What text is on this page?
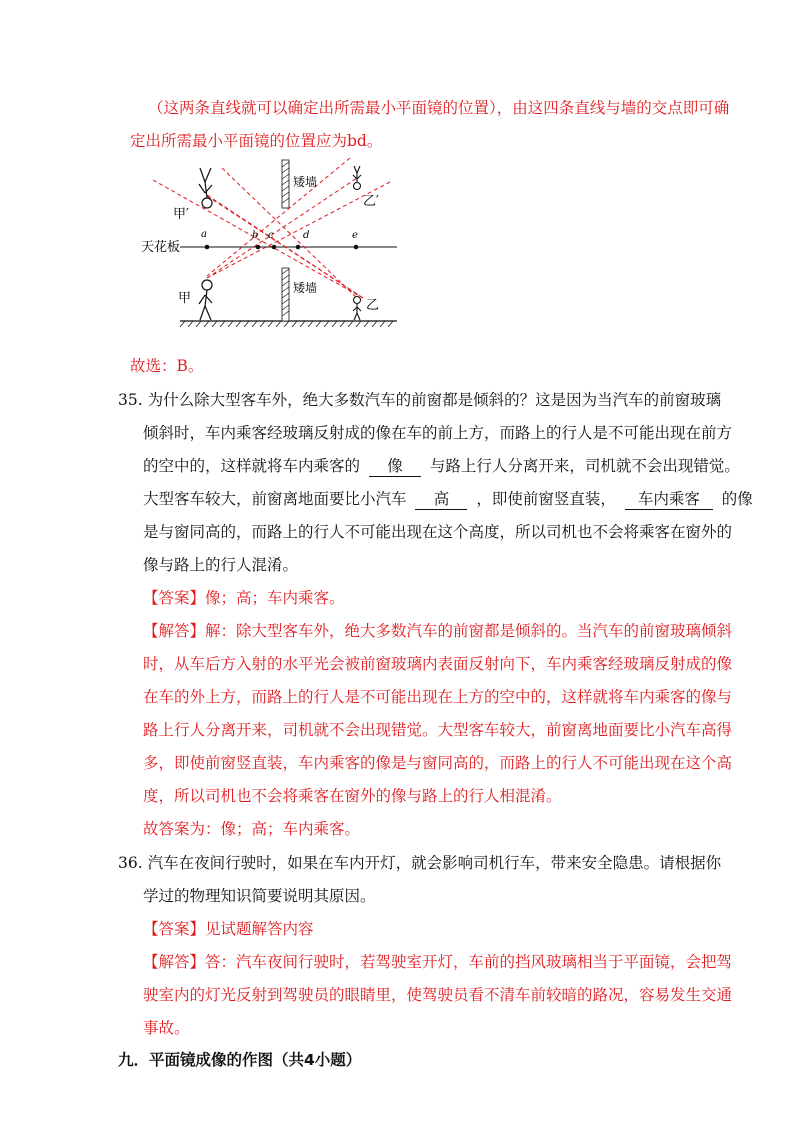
（这两条直线就可以确定出所需最小平面镜的位置），由这四条直线与墙的交点即可确
定出所需最小平面镜的位置应为bd。
a	b c	d	e
天花板
甲
甲′
乙
乙′
矮墙
矮墙
故选：B。
35. 为什么除大型客车外，绝大多数汽车的前窗都是倾斜的？这是因为当汽车的前窗玻璃
倾斜时，车内乘客经玻璃反射成的像在车的前上方，而路上的行人是不可能出现在前方
的空中的，这样就将车内乘客的 像 与路上行人分离开来，司机就不会出现错觉。
大型客车较大，前窗离地面要比小汽车 高 ，即使前窗竖直装， 车内乘客 的像
是与窗同高的，而路上的行人不可能出现在这个高度，所以司机也不会将乘客在窗外的
像与路上的行人混淆。
【答案】像；高；车内乘客。
【解答】解：除大型客车外，绝大多数汽车的前窗都是倾斜的。当汽车的前窗玻璃倾斜
时，从车后方入射的水平光会被前窗玻璃内表面反射向下，车内乘客经玻璃反射成的像
在车的外上方，而路上的行人是不可能出现在上方的空中的，这样就将车内乘客的像与
路上行人分离开来，司机就不会出现错觉。大型客车较大，前窗离地面要比小汽车高得
多，即使前窗竖直装，车内乘客的像是与窗同高的，而路上的行人不可能出现在这个高
度，所以司机也不会将乘客在窗外的像与路上的行人相混淆。
故答案为：像；高；车内乘客。
36. 汽车在夜间行驶时，如果在车内开灯，就会影响司机行车，带来安全隐患。请根据你
学过的物理知识简要说明其原因。
【答案】见试题解答内容
【解答】答：汽车夜间行驶时，若驾驶室开灯，车前的挡风玻璃相当于平面镜，会把驾
驶室内的灯光反射到驾驶员的眼睛里，使驾驶员看不清车前较暗的路况，容易发生交通
事故。
九．平面镜成像的作图（共4小题）
